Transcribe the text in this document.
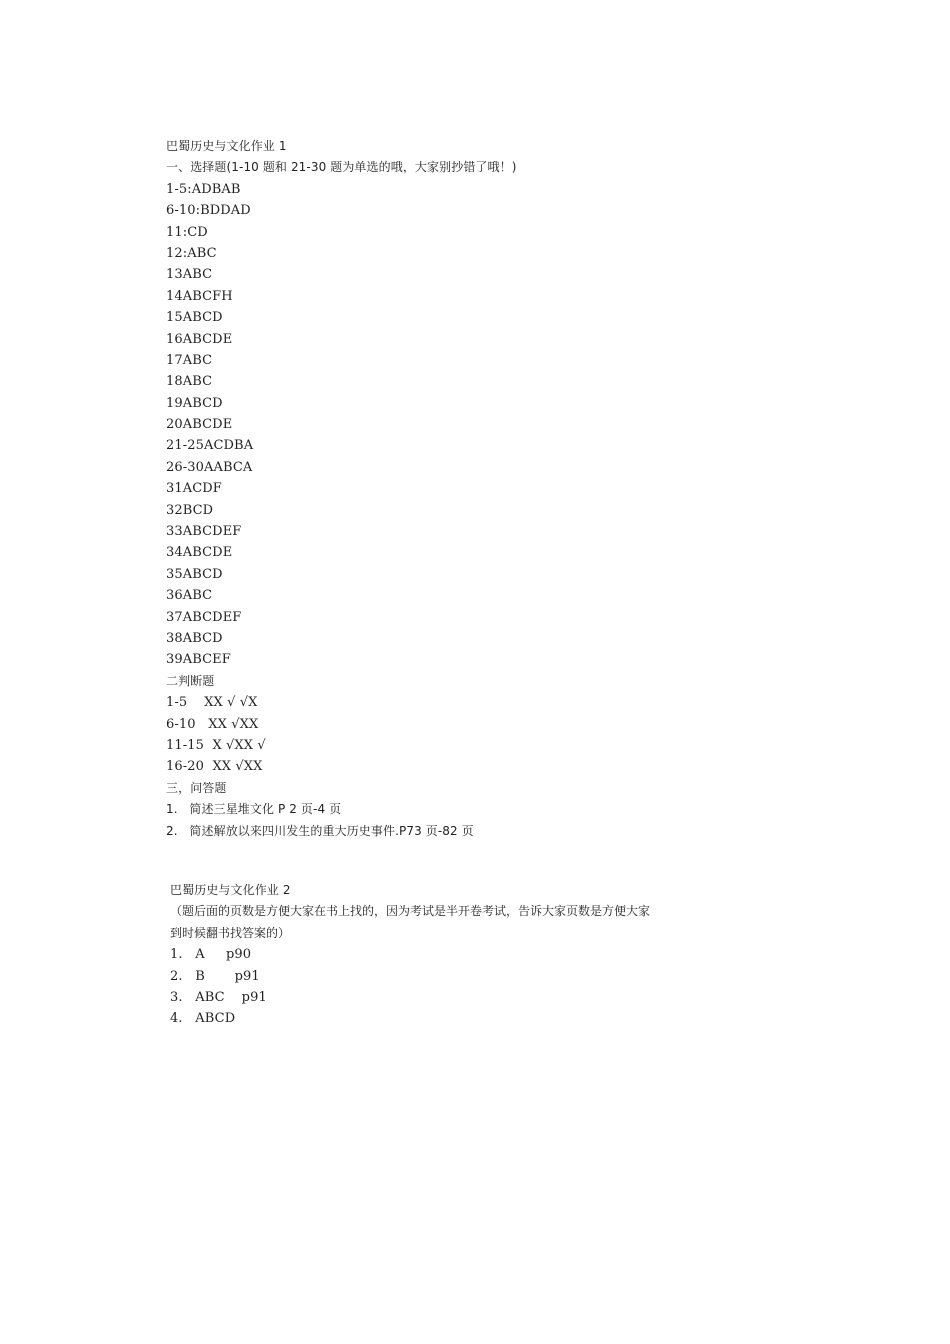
巴蜀历史与文化作业 1
一、选择题(1-10 题和 21-30 题为单选的哦，大家别抄错了哦！)
1-5:ADBAB
6-10:BDDAD
11:CD
12:ABC
13ABC
14ABCFH
15ABCD
16ABCDE
17ABC
18ABC
19ABCD
20ABCDE
21-25ACDBA
26-30AABCA
31ACDF
32BCD
33ABCDEF
34ABCDE
35ABCD
36ABC
37ABCDEF
38ABCD
39ABCEF
二判断题
1-5    XX √ √X
6-10   XX √XX
11-15  X √XX √
16-20  XX √XX
三，问答题
1.   简述三星堆文化 P 2 页-4 页
2.   简述解放以来四川发生的重大历史事件.P73 页-82 页
巴蜀历史与文化作业 2
（题后面的页数是方便大家在书上找的，因为考试是半开卷考试，告诉大家页数是方便大家
到时候翻书找答案的）
1.   A     p90
2.   B       p91
3.   ABC    p91
4.   ABCD
